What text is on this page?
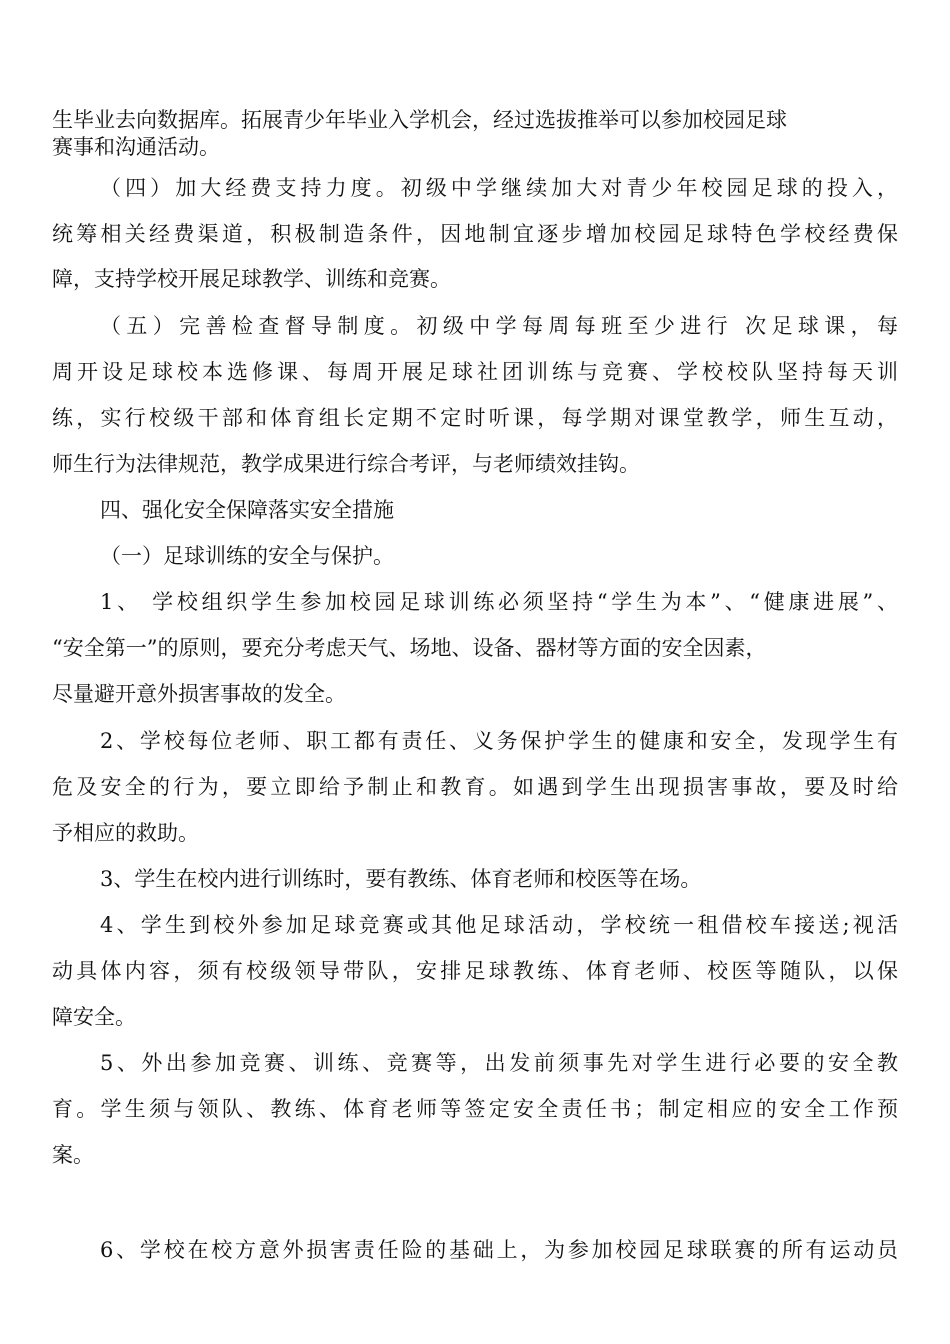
生毕业去向数据库。拓展青少年毕业入学机会，经过选拔推举可以参加校园足球
赛事和沟通活动。
（四）加大经费支持力度。初级中学继续加大对青少年校园足球的投入，
统筹相关经费渠道，积极制造条件，因地制宜逐步增加校园足球特色学校经费保
障，支持学校开展足球教学、训练和竞赛。
（五）完善检查督导制度。初级中学每周每班至少进行 次足球课，每
周开设足球校本选修课、每周开展足球社团训练与竞赛、学校校队坚持每天训
练，实行校级干部和体育组长定期不定时听课，每学期对课堂教学，师生互动，
师生行为法律规范，教学成果进行综合考评，与老师绩效挂钩。
四、强化安全保障落实安全措施
（一）足球训练的安全与保护。
1、 学校组织学生参加校园足球训练必须坚持“学生为本”、“健康进展”、
“安全第一”的原则，要充分考虑天气、场地、设备、器材等方面的安全因素，
尽量避开意外损害事故的发全。
2、学校每位老师、职工都有责任、义务保护学生的健康和安全，发现学生有
危及安全的行为，要立即给予制止和教育。如遇到学生出现损害事故，要及时给
予相应的救助。
3、学生在校内进行训练时，要有教练、体育老师和校医等在场。
4、学生到校外参加足球竞赛或其他足球活动，学校统一租借校车接送;视活
动具体内容，须有校级领导带队，安排足球教练、体育老师、校医等随队，以保
障安全。
5、外出参加竞赛、训练、竞赛等，出发前须事先对学生进行必要的安全教
育。学生须与领队、教练、体育老师等签定安全责任书；制定相应的安全工作预
案。
6、学校在校方意外损害责任险的基础上，为参加校园足球联赛的所有运动员
